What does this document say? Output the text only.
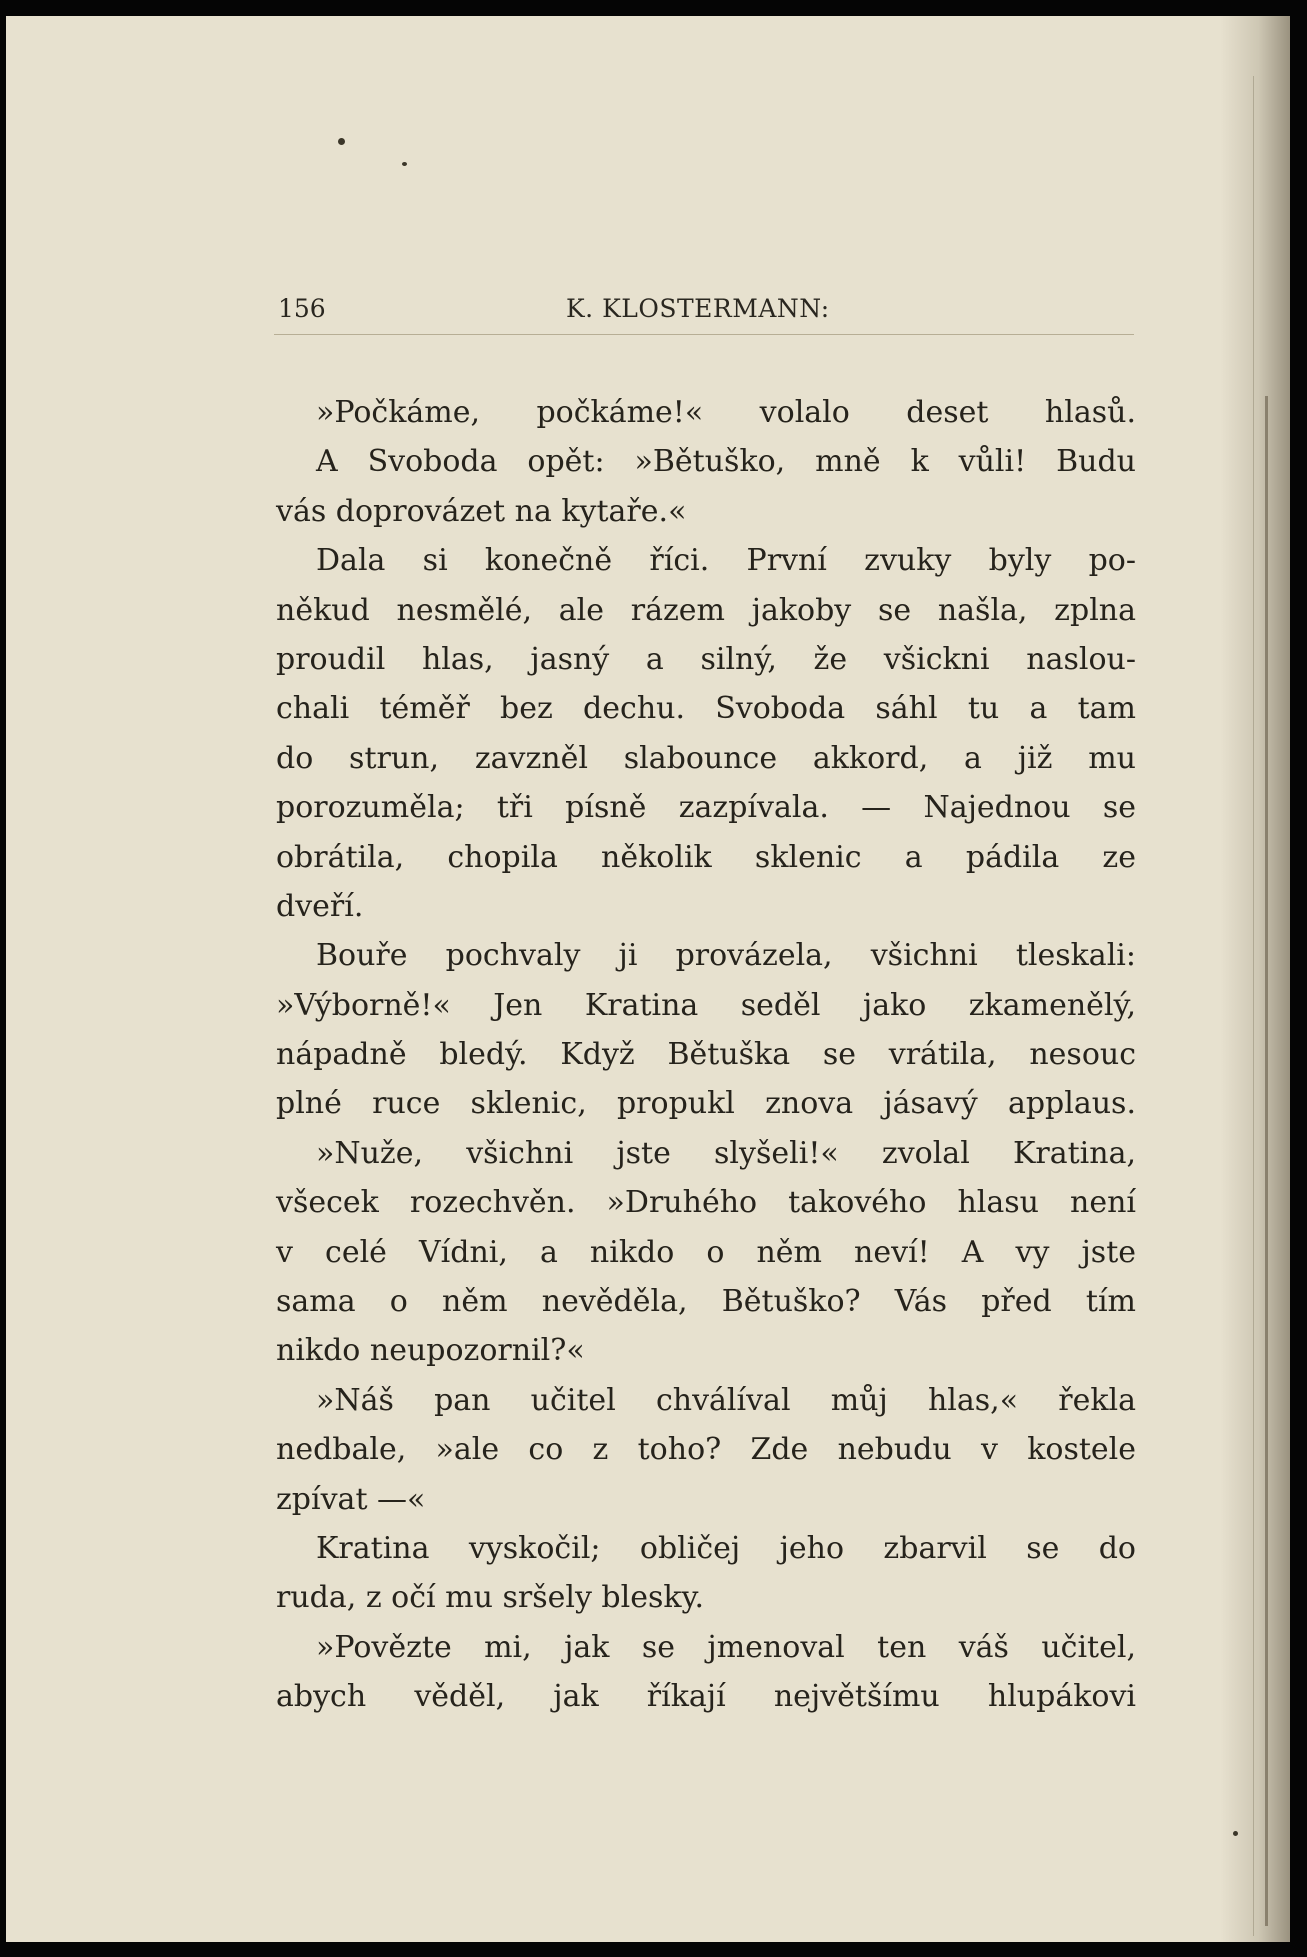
156	K. KLOSTERMANN:
»Počkáme, počkáme!« volalo deset hlasů.
A Svoboda opět: »Bětuško, mně k vůli! Budu
vás doprovázet na kytaře.«
Dala si konečně říci. První zvuky byly po-
někud nesmělé, ale rázem jakoby se našla, zplna
proudil hlas, jasný a silný, že všickni naslou-
chali téměř bez dechu. Svoboda sáhl tu a tam
do strun, zavzněl slabounce akkord, a již mu
porozuměla; tři písně zazpívala. — Najednou se
obrátila, chopila několik sklenic a pádila ze
dveří.
Bouře pochvaly ji provázela, všichni tleskali:
»Výborně!« Jen Kratina seděl jako zkamenělý,
nápadně bledý. Když Bětuška se vrátila, nesouc
plné ruce sklenic, propukl znova jásavý applaus.
»Nuže, všichni jste slyšeli!« zvolal Kratina,
všecek rozechvěn. »Druhého takového hlasu není
v celé Vídni, a nikdo o něm neví! A vy jste
sama o něm nevěděla, Bětuško? Vás před tím
nikdo neupozornil?«
»Náš pan učitel chválíval můj hlas,« řekla
nedbale, »ale co z toho? Zde nebudu v kostele
zpívat —«
Kratina vyskočil; obličej jeho zbarvil se do
ruda, z očí mu sršely blesky.
»Povězte mi, jak se jmenoval ten váš učitel,
abych věděl, jak říkají největšímu hlupákovi
